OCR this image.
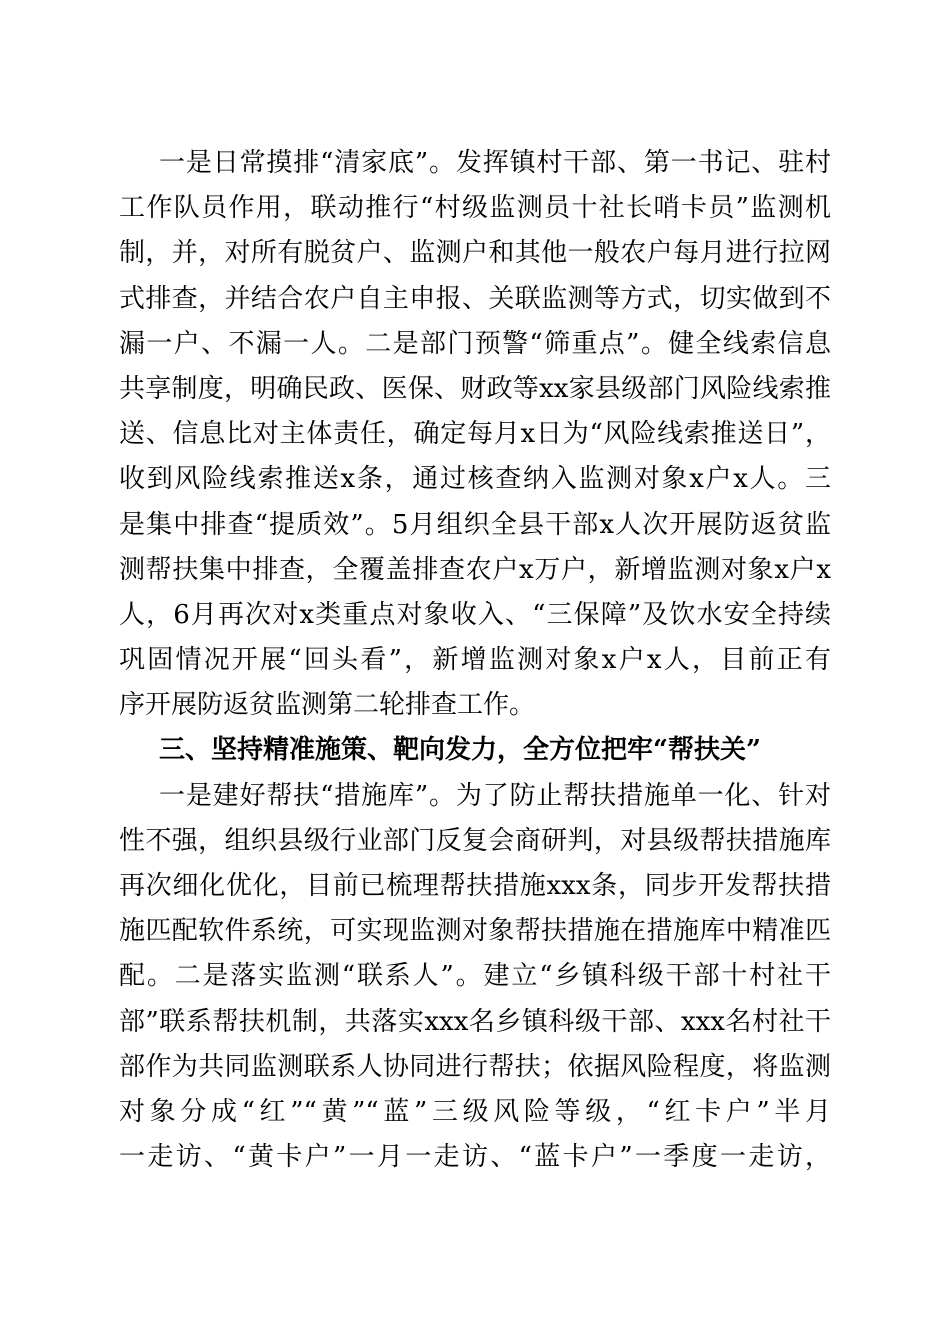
一是日常摸排“清家底”。发挥镇村干部、第一书记、驻村
工作队员作用，联动推行“村级监测员十社长哨卡员”监测机
制，并，对所有脱贫户、监测户和其他一般农户每月进行拉网
式排查，并结合农户自主申报、关联监测等方式，切实做到不
漏一户、不漏一人。二是部门预警“筛重点”。健全线索信息
共享制度，明确民政、医保、财政等xx家县级部门风险线索推
送、信息比对主体责任，确定每月x日为“风险线索推送日”，
收到风险线索推送x条，通过核查纳入监测对象x户x人。三
是集中排查“提质效”。5月组织全县干部x人次开展防返贫监
测帮扶集中排查，全覆盖排查农户x万户，新增监测对象x户x
人，6月再次对x类重点对象收入、“三保障”及饮水安全持续
巩固情况开展“回头看”，新增监测对象x户x人，目前正有
序开展防返贫监测第二轮排查工作。
三、坚持精准施策、靶向发力，全方位把牢“帮扶关”
一是建好帮扶“措施库”。为了防止帮扶措施单一化、针对
性不强，组织县级行业部门反复会商研判，对县级帮扶措施库
再次细化优化，目前已梳理帮扶措施xxx条，同步开发帮扶措
施匹配软件系统，可实现监测对象帮扶措施在措施库中精准匹
配。二是落实监测“联系人”。建立“乡镇科级干部十村社干
部”联系帮扶机制，共落实xxx名乡镇科级干部、xxx名村社干
部作为共同监测联系人协同进行帮扶；依据风险程度，将监测
对象分成“红”“黄”“蓝”三级风险等级，“红卡户”半月
一走访、“黄卡户”一月一走访、“蓝卡户”一季度一走访，
